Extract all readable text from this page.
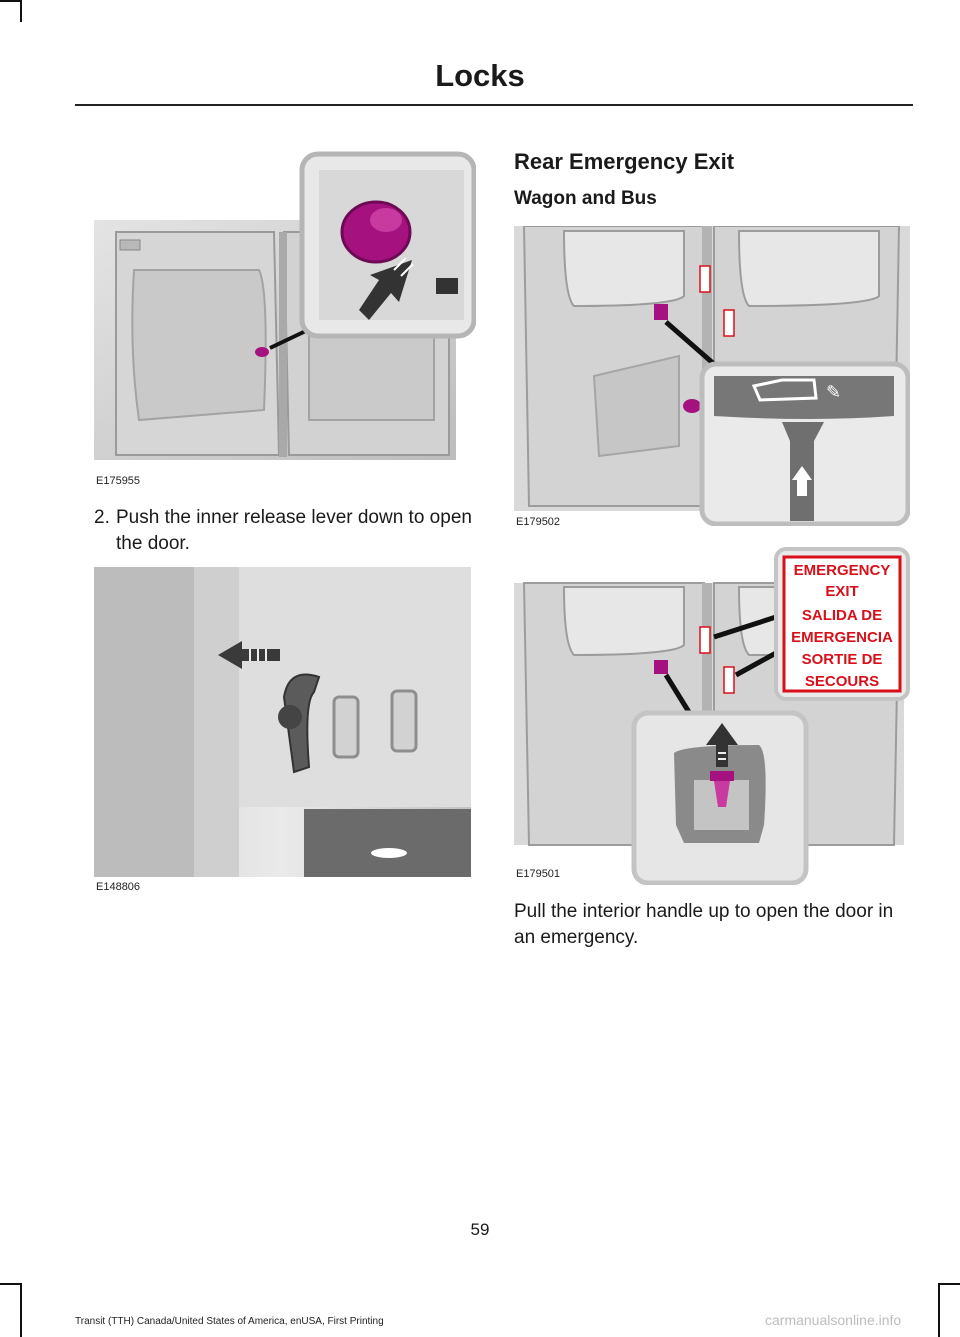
Locks
E175955
2. Push the inner release lever down to open the door.
E148806
Rear Emergency Exit
Wagon and Bus
✎
E179502
EMERGENCY
EXIT
SALIDA DE
EMERGENCIA
SORTIE DE
SECOURS
E179501
Pull the interior handle up to open the door in an emergency.
59
Transit (TTH) Canada/United States of America, enUSA, First Printing	carmanualsonline.info
